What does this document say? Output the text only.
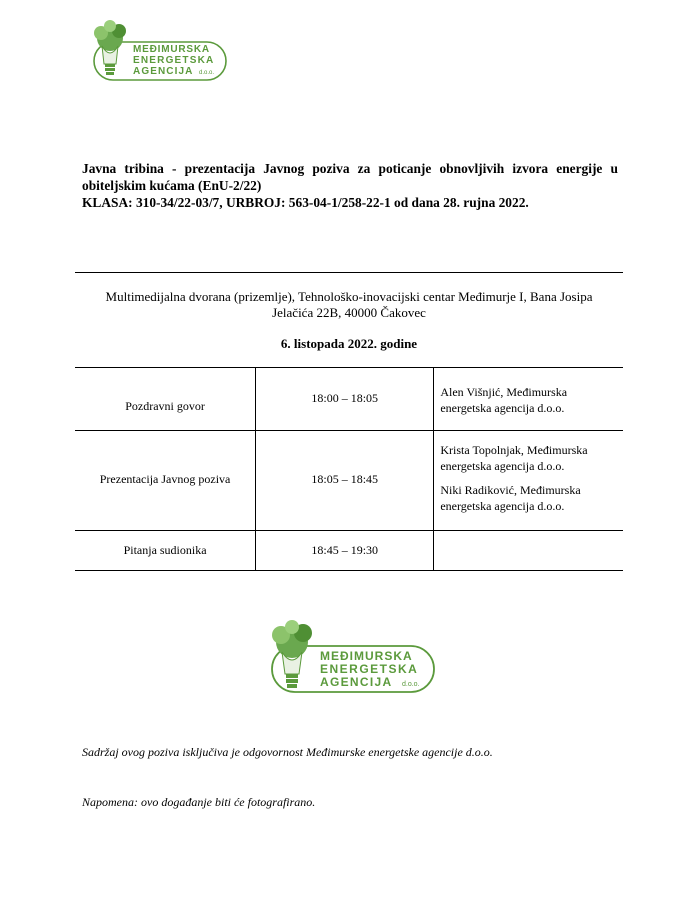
MEĐIMURSKA
ENERGETSKA
AGENCIJA d.o.o.
Javna tribina - prezentacija Javnog poziva za poticanje obnovljivih izvora energije u
obiteljskim kućama (EnU-2/22)
KLASA: 310-34/22-03/7, URBROJ: 563-04-1/258-22-1 od dana 28. rujna 2022.
Multimedijalna dvorana (prizemlje), Tehnološko-inovacijski centar Međimurje I, Bana Josipa
Jelačića 22B, 40000 Čakovec
6. listopada 2022. godine
Pozdravni govor	18:00 – 18:05	Alen Višnjić, Međimurska energetska agencija d.o.o.

Prezentacija Javnog poziva	18:05 – 18:45	Krista Topolnjak, Međimurska energetska agencija d.o.o.
Niki Radiković, Međimurska energetska agencija d.o.o.

Pitanja sudionika	18:45 – 19:30	

MEĐIMURSKA
ENERGETSKA
AGENCIJA d.o.o.
Sadržaj ovog poziva isključiva je odgovornost Međimurske energetske agencije d.o.o.
Napomena: ovo događanje biti će fotografirano.
